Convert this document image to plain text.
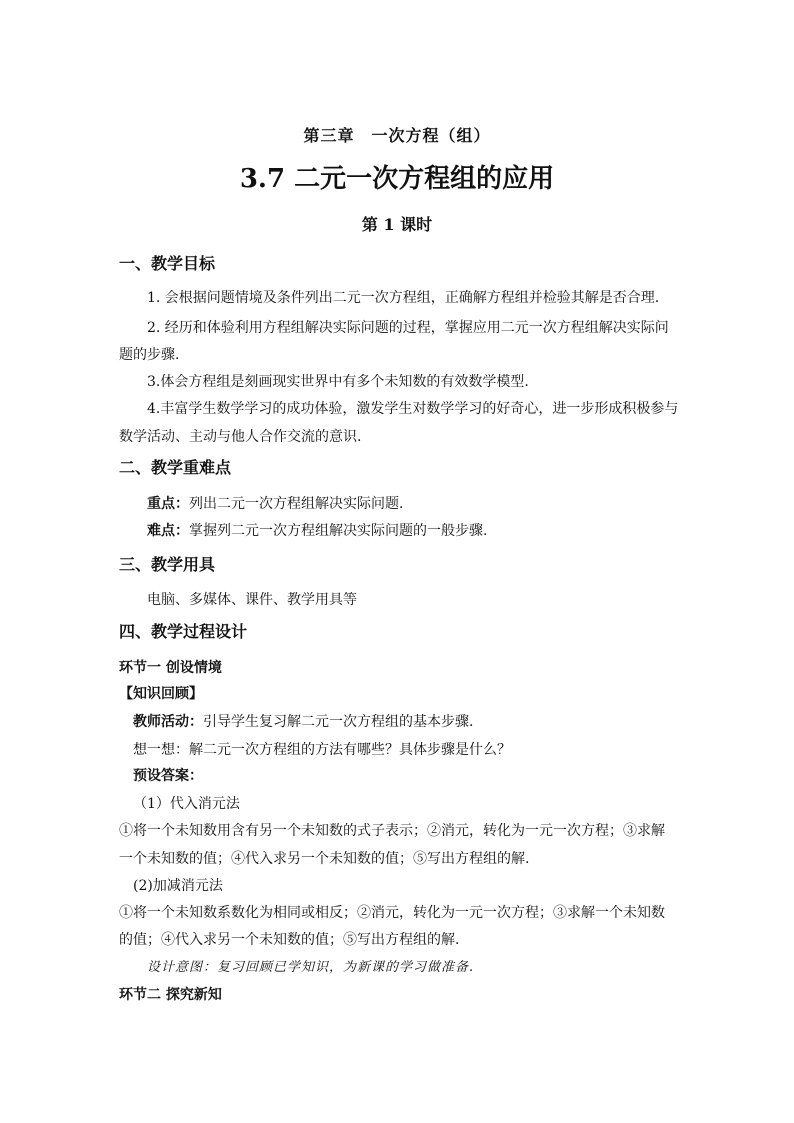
第三章　一次方程（组）
3.7 二元一次方程组的应用
第 1 课时
一、教学目标
1. 会根据问题情境及条件列出二元一次方程组，正确解方程组并检验其解是否合理.
2. 经历和体验利用方程组解决实际问题的过程，掌握应用二元一次方程组解决实际问
题的步骤.
3.体会方程组是刻画现实世界中有多个未知数的有效数学模型.
4.丰富学生数学学习的成功体验，激发学生对数学学习的好奇心，进一步形成积极参与
数学活动、主动与他人合作交流的意识.
二、教学重难点
重点：列出二元一次方程组解决实际问题.
难点：掌握列二元一次方程组解决实际问题的一般步骤.
三、教学用具
电脑、多媒体、课件、教学用具等
四、教学过程设计
环节一 创设情境
【知识回顾】
教师活动：引导学生复习解二元一次方程组的基本步骤.
想一想：解二元一次方程组的方法有哪些？具体步骤是什么？
预设答案：
（1）代入消元法
①将一个未知数用含有另一个未知数的式子表示；②消元，转化为一元一次方程；③求解
一个未知数的值；④代入求另一个未知数的值；⑤写出方程组的解.
(2)加减消元法
①将一个未知数系数化为相同或相反；②消元，转化为一元一次方程；③求解一个未知数
的值；④代入求另一个未知数的值；⑤写出方程组的解.
设计意图：复习回顾已学知识，为新课的学习做准备.
环节二 探究新知
